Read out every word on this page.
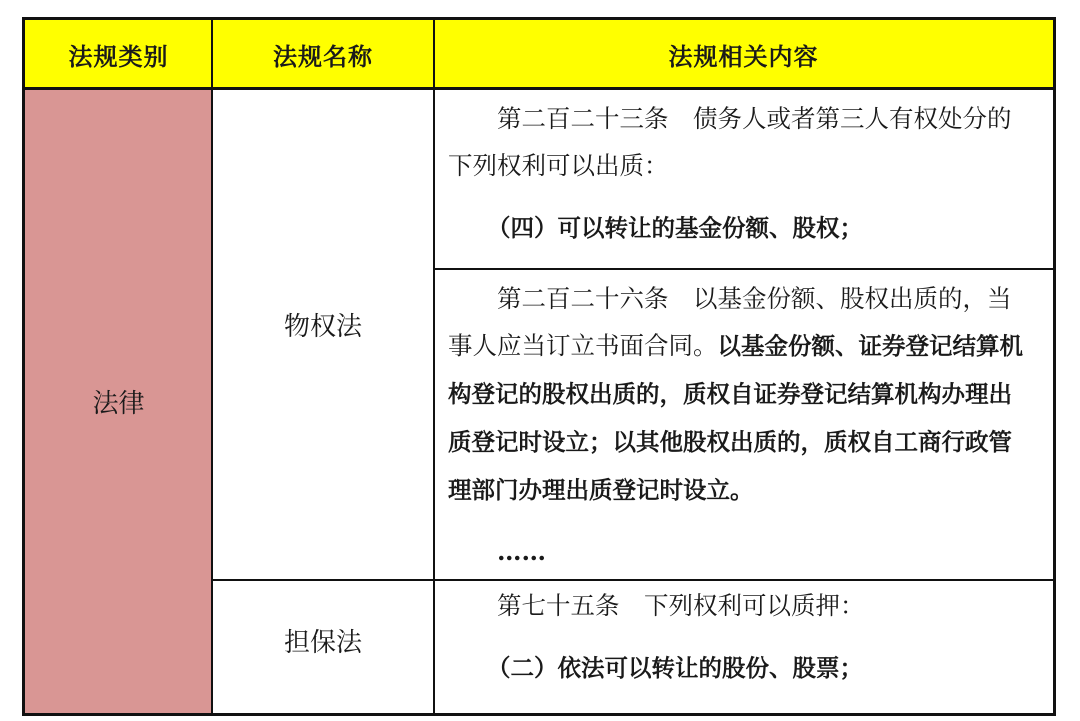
法规类别	法规名称	法规相关内容
法律
物权法
担保法

第二百二十三条  债务人或者第三人有权处分的下列权利可以出质：

（四）可以转让的基金份额、股权；

第二百二十六条  以基金份额、股权出质的，当事人应当订立书面合同。以基金份额、证券登记结算机构登记的股权出质的，质权自证券登记结算机构办理出质登记时设立；以其他股权出质的，质权自工商行政管理部门办理出质登记时设立。

……

第七十五条  下列权利可以质押：

（二）依法可以转让的股份、股票；
